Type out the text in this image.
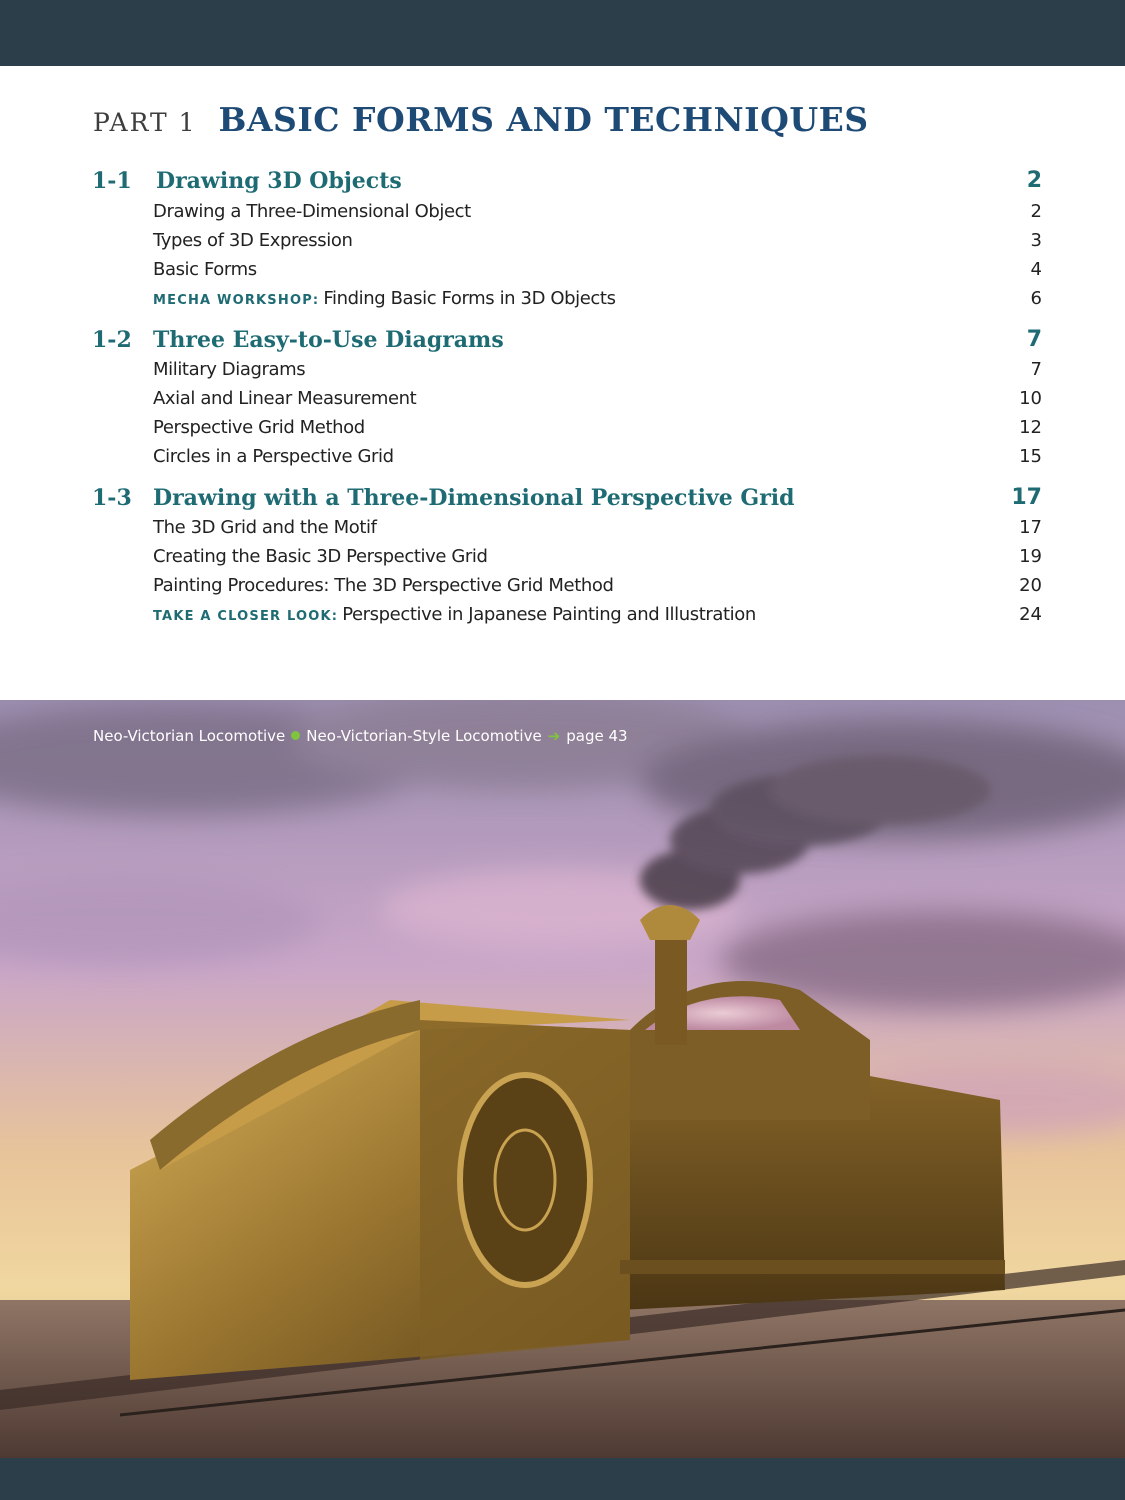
PART 1 BASIC FORMS AND TECHNIQUES
1-1 Drawing 3D Objects	2
Drawing a Three-Dimensional Object	2
Types of 3D Expression	3
Basic Forms	4
MECHA WORKSHOP: Finding Basic Forms in 3D Objects	6
1-2 Three Easy-to-Use Diagrams	7
Military Diagrams	7
Axial and Linear Measurement	10
Perspective Grid Method	12
Circles in a Perspective Grid	15
1-3 Drawing with a Three-Dimensional Perspective Grid	17
The 3D Grid and the Motif	17
Creating the Basic 3D Perspective Grid	19
Painting Procedures: The 3D Perspective Grid Method	20
TAKE A CLOSER LOOK: Perspective in Japanese Painting and Illustration	24
Neo-Victorian Locomotive Neo-Victorian-Style Locomotive ➔ page 43
